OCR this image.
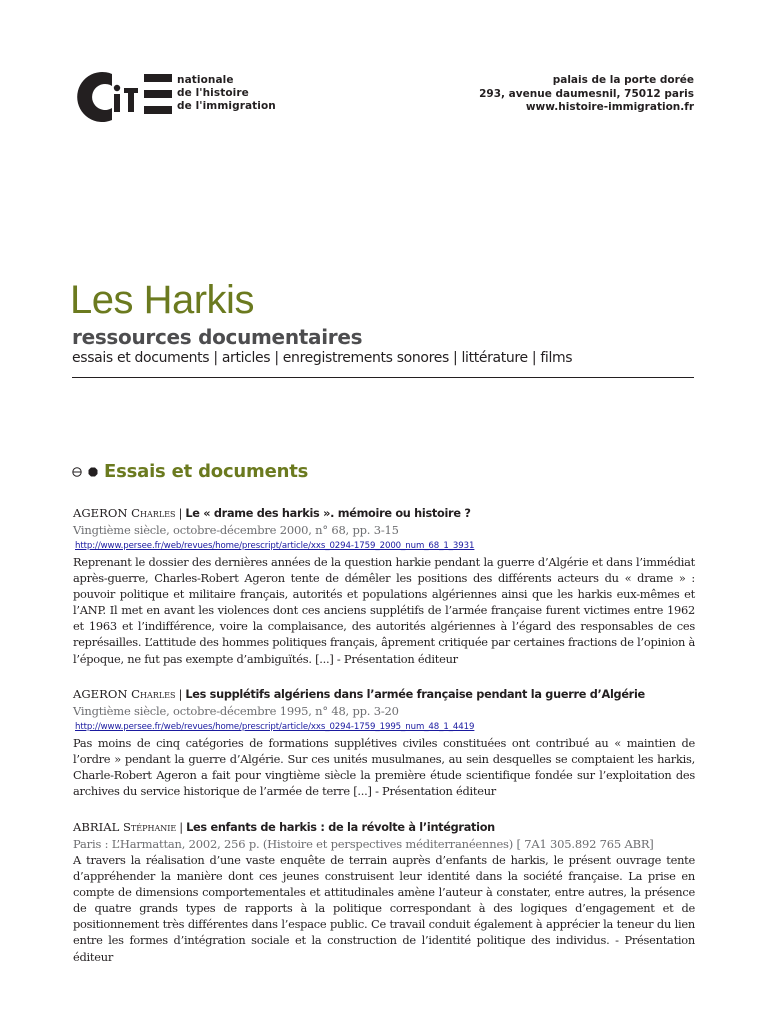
nationale
de l'histoire
de l'immigration
palais de la porte dorée
293, avenue daumesnil, 75012 paris
www.histoire-immigration.fr
Les Harkis
ressources documentaires
essais et documents | articles | enregistrements sonores | littérature | films
Essais et documents
AGERON Charles | Le « drame des harkis ». mémoire ou histoire ?
Vingtième siècle, octobre-décembre 2000, n° 68, pp. 3-15
http://www.persee.fr/web/revues/home/prescript/article/xxs_0294-1759_2000_num_68_1_3931

Reprenant le dossier des dernières années de la question harkie pendant la guerre d’Algérie et dans l’immédiat après-guerre, Charles-Robert Ageron tente de démêler les positions des différents acteurs du « drame » : pouvoir politique et militaire français, autorités et populations algériennes ainsi que les harkis eux-mêmes et l’ANP. Il met en avant les violences dont ces anciens supplétifs de l’armée française furent victimes entre 1962 et 1963 et l’indifférence, voire la complaisance, des autorités algériennes à l’égard des responsables de ces représailles. L’attitude des hommes politiques français, âprement critiquée par certaines fractions de l’opinion à l’époque, ne fut pas exempte d’ambiguïtés. [...] - Présentation éditeur

AGERON Charles | Les supplétifs algériens dans l’armée française pendant la guerre d’Algérie
Vingtième siècle, octobre-décembre 1995, n° 48, pp. 3-20
http://www.persee.fr/web/revues/home/prescript/article/xxs_0294-1759_1995_num_48_1_4419

Pas moins de cinq catégories de formations supplétives civiles constituées ont contribué au « maintien de l’ordre » pendant la guerre d’Algérie. Sur ces unités musulmanes, au sein desquelles se comptaient les harkis, Charle-Robert Ageron a fait pour vingtième siècle la première étude scientifique fondée sur l’exploitation des archives du service historique de l’armée de terre [...] - Présentation éditeur

ABRIAL Stéphanie | Les enfants de harkis : de la révolte à l’intégration
Paris : L’Harmattan, 2002, 256 p. (Histoire et perspectives méditerranéennes) [ 7A1 305.892 765 ABR]

A travers la réalisation d’une vaste enquête de terrain auprès d’enfants de harkis, le présent ouvrage tente d’appréhender la manière dont ces jeunes construisent leur identité dans la société française. La prise en compte de dimensions comportementales et attitudinales amène l’auteur à constater, entre autres, la présence de quatre grands types de rapports à la politique correspondant à des logiques d’engagement et de positionnement très différentes dans l’espace public. Ce travail conduit également à apprécier la teneur du lien entre les formes d’intégration sociale et la construction de l’identité politique des individus. - Présentation éditeur
